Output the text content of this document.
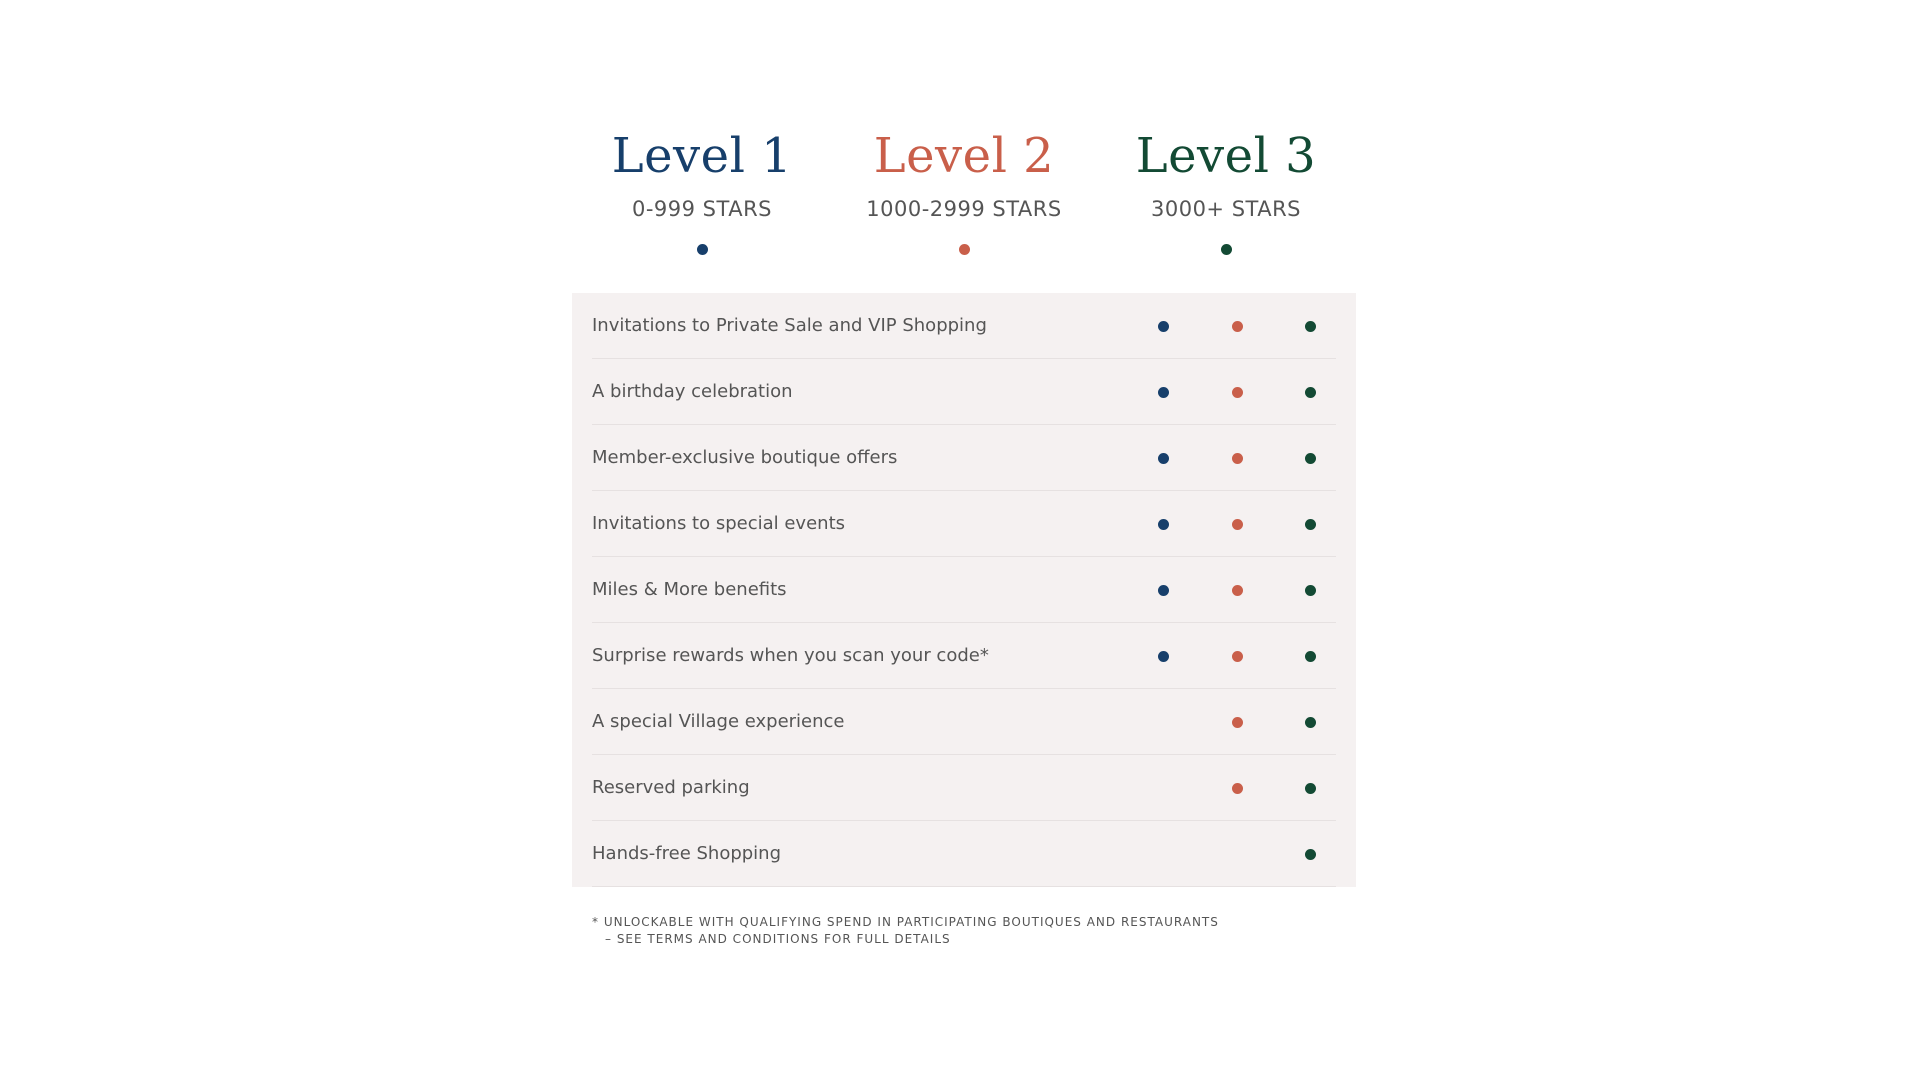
Level 1
0-999 STARS
Level 2
1000-2999 STARS
Level 3
3000+ STARS
Invitations to Private Sale and VIP Shopping
A birthday celebration
Member-exclusive boutique offers
Invitations to special events
Miles & More benefits
Surprise rewards when you scan your code*
A special Village experience
Reserved parking
Hands-free Shopping
* UNLOCKABLE WITH QUALIFYING SPEND IN PARTICIPATING BOUTIQUES AND RESTAURANTS
– SEE TERMS AND CONDITIONS FOR FULL DETAILS
